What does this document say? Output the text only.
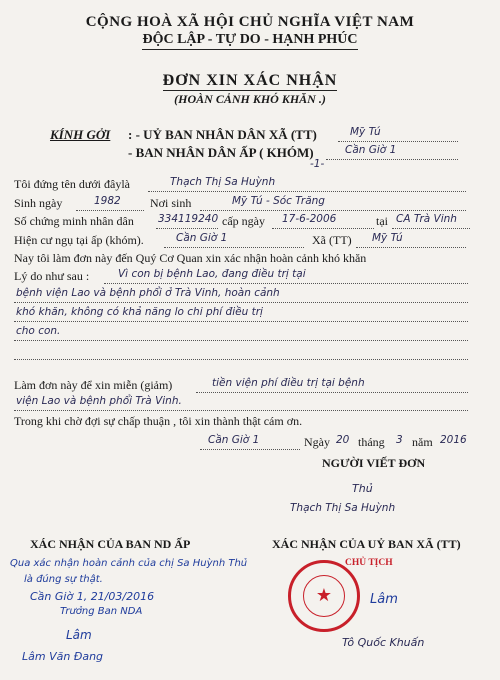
CỘNG HOÀ XÃ HỘI CHỦ NGHĨA VIỆT NAM
ĐỘC LẬP - TỰ DO - HẠNH PHÚC
ĐƠN XIN XÁC NHẬN
(HOÀN CẢNH KHÓ KHĂN .)
KÍNH GỞI : - UỶ BAN NHÂN DÂN XÃ (TT)	Mỹ Tú
- BAN NHÂN DÂN ẤP ( KHÓM)	Cần Giờ 1
-1-
Tôi đứng tên dưới đâylà	Thạch Thị Sa Huỳnh
Sinh ngày	1982 Nơi sinh	Mỹ Tú - Sóc Trăng
Số chứng minh nhân dân 334119240 cấp ngày 17-6-2006	tại CA Trà Vinh
Hiện cư ngụ tại ấp (khóm).	Cần Giờ 1	Xã (TT) Mỹ Tú
Nay tôi làm đơn này đến Quý Cơ Quan xin xác nhận hoàn cảnh khó khăn
Lý do như sau :	Vì con bị bệnh Lao, đang điều trị tại
bệnh viện Lao và bệnh phổi ở Trà Vinh, hoàn cảnh
khó khăn, không có khả năng lo chi phí điều trị
cho con.
Làm đơn này để xin miễn (giảm)	tiền viện phí điều trị tại bệnh
viện Lao và bệnh phổi Trà Vinh.
Trong khi chờ đợi sự chấp thuận , tôi xin thành thật cám ơn.
Cần Giờ 1	Ngày 20 tháng 3 năm 2016
NGƯỜI VIẾT ĐƠN
Thủ
Thạch Thị Sa Huỳnh
XÁC NHẬN CỦA BAN ND ẤP
Qua xác nhận hoàn cảnh của chị Sa Huỳnh Thủ
là đúng sự thật.
Cần Giờ 1, 21/03/2016
Trưởng Ban NDA
Lâm
Lâm Văn Đang
XÁC NHẬN CỦA UỶ BAN XÃ (TT)
CHỦ TỊCH
★	Lâm
Tô Quốc Khuấn
